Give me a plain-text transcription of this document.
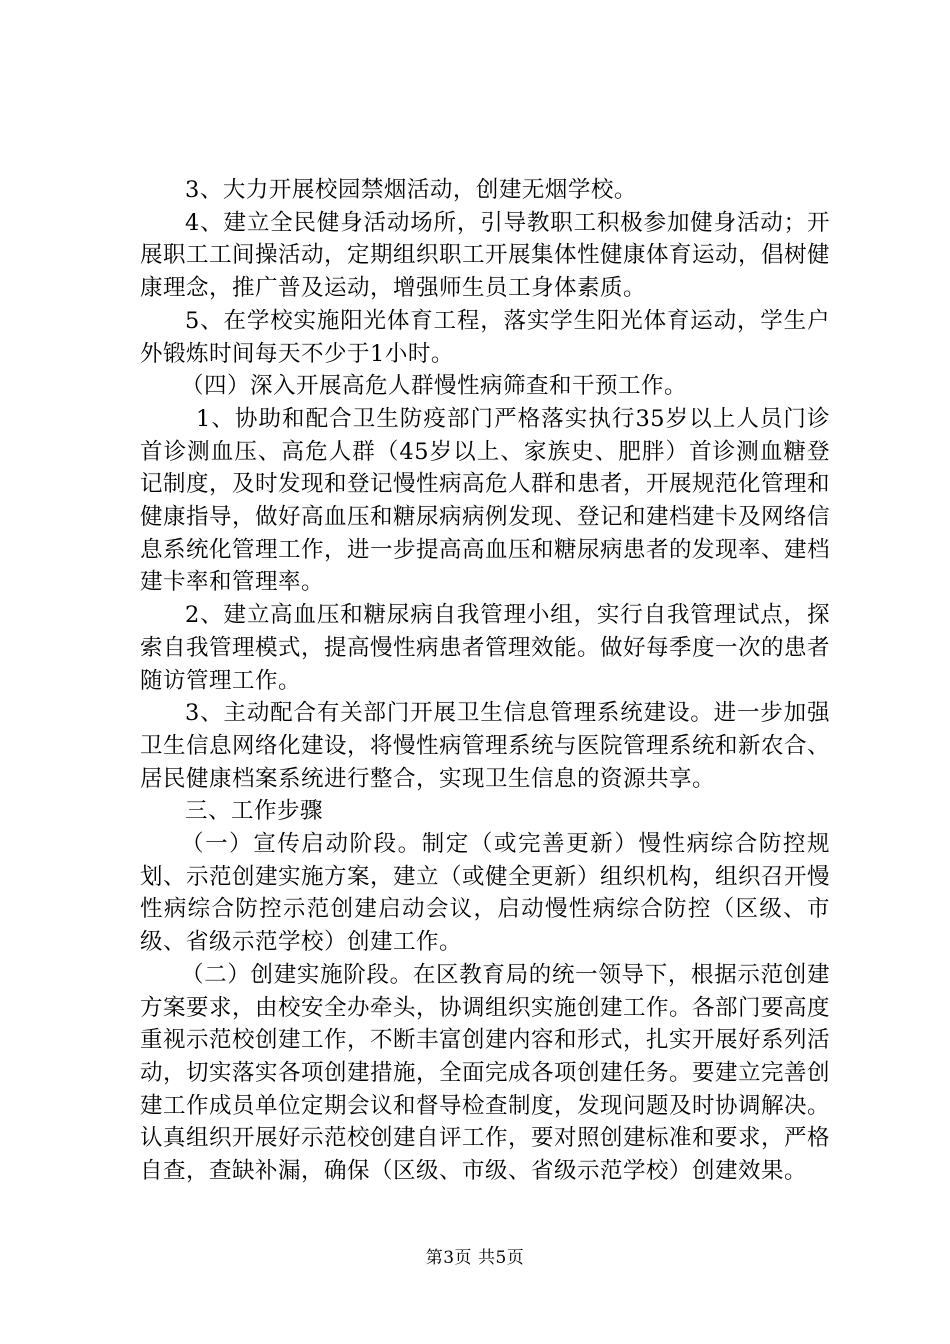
3、大力开展校园禁烟活动，创建无烟学校。

4、建立全民健身活动场所，引导教职工积极参加健身活动；开展职工工间操活动，定期组织职工开展集体性健康体育运动，倡树健康理念，推广普及运动，增强师生员工身体素质。

5、在学校实施阳光体育工程，落实学生阳光体育运动，学生户外锻炼时间每天不少于1小时。

（四）深入开展高危人群慢性病筛查和干预工作。

1、协助和配合卫生防疫部门严格落实执行35岁以上人员门诊首诊测血压、高危人群（45岁以上、家族史、肥胖）首诊测血糖登记制度，及时发现和登记慢性病高危人群和患者，开展规范化管理和健康指导，做好高血压和糖尿病病例发现、登记和建档建卡及网络信息系统化管理工作，进一步提高高血压和糖尿病患者的发现率、建档建卡率和管理率。

2、建立高血压和糖尿病自我管理小组，实行自我管理试点，探索自我管理模式，提高慢性病患者管理效能。做好每季度一次的患者随访管理工作。

3、主动配合有关部门开展卫生信息管理系统建设。进一步加强卫生信息网络化建设，将慢性病管理系统与医院管理系统和新农合、居民健康档案系统进行整合，实现卫生信息的资源共享。

三、工作步骤

（一）宣传启动阶段。制定（或完善更新）慢性病综合防控规划、示范创建实施方案，建立（或健全更新）组织机构，组织召开慢性病综合防控示范创建启动会议，启动慢性病综合防控（区级、市级、省级示范学校）创建工作。

（二）创建实施阶段。在区教育局的统一领导下，根据示范创建方案要求，由校安全办牵头，协调组织实施创建工作。各部门要高度重视示范校创建工作，不断丰富创建内容和形式，扎实开展好系列活动，切实落实各项创建措施，全面完成各项创建任务。要建立完善创建工作成员单位定期会议和督导检查制度，发现问题及时协调解决。认真组织开展好示范校创建自评工作，要对照创建标准和要求，严格自查，查缺补漏，确保（区级、市级、省级示范学校）创建效果。

第3页 共5页
